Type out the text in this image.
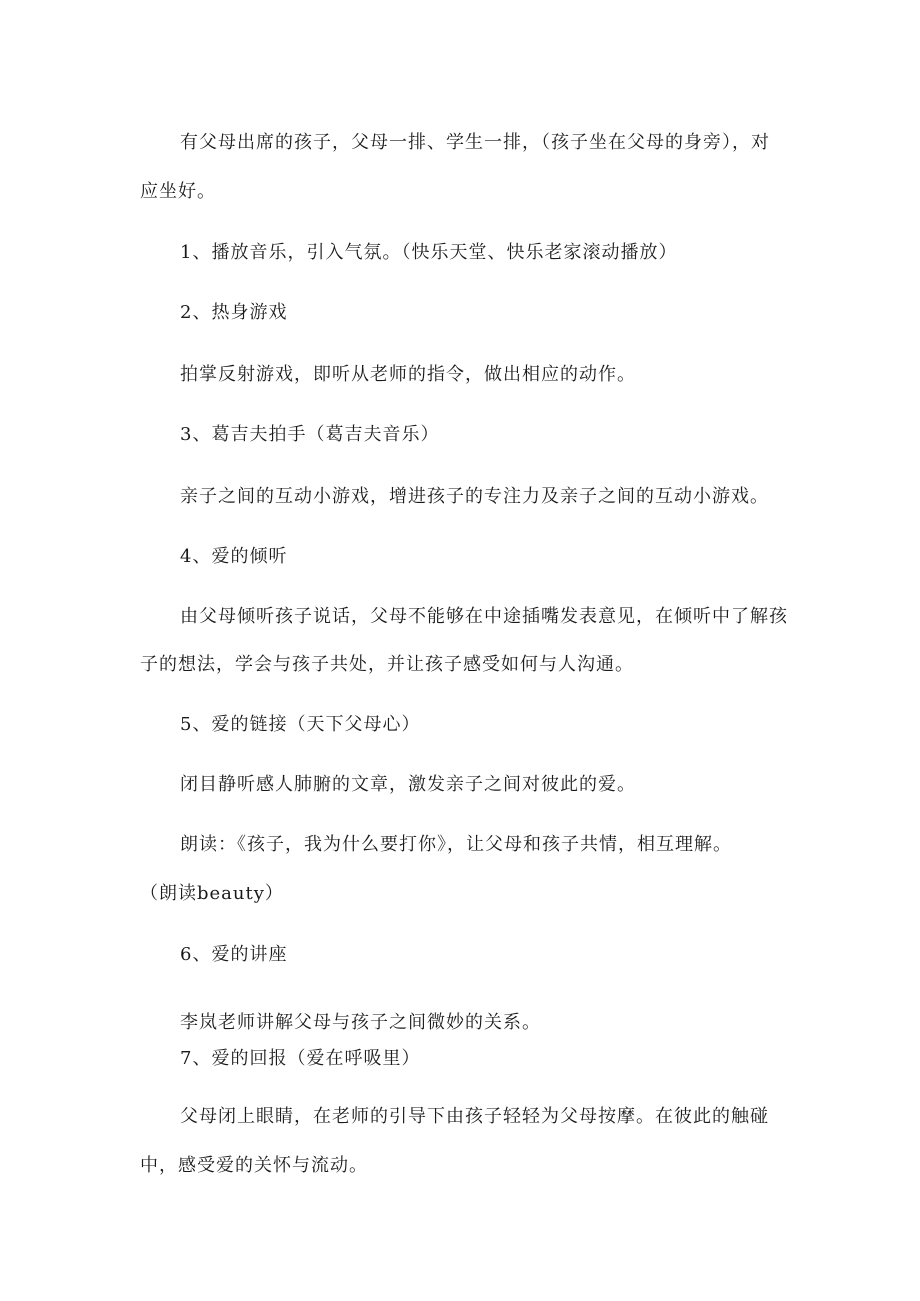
有父母出席的孩子，父母一排、学生一排，（孩子坐在父母的身旁），对
应坐好。
1、播放音乐，引入气氛。（快乐天堂、快乐老家滚动播放）
2、热身游戏
拍掌反射游戏，即听从老师的指令，做出相应的动作。
3、葛吉夫拍手（葛吉夫音乐）
亲子之间的互动小游戏，增进孩子的专注力及亲子之间的互动小游戏。
4、爱的倾听
由父母倾听孩子说话，父母不能够在中途插嘴发表意见，在倾听中了解孩
子的想法，学会与孩子共处，并让孩子感受如何与人沟通。
5、爱的链接（天下父母心）
闭目静听感人肺腑的文章，激发亲子之间对彼此的爱。
朗读：《孩子，我为什么要打你》，让父母和孩子共情，相互理解。
（朗读beauty）
6、爱的讲座
李岚老师讲解父母与孩子之间微妙的关系。
7、爱的回报（爱在呼吸里）
父母闭上眼睛，在老师的引导下由孩子轻轻为父母按摩。在彼此的触碰
中，感受爱的关怀与流动。
